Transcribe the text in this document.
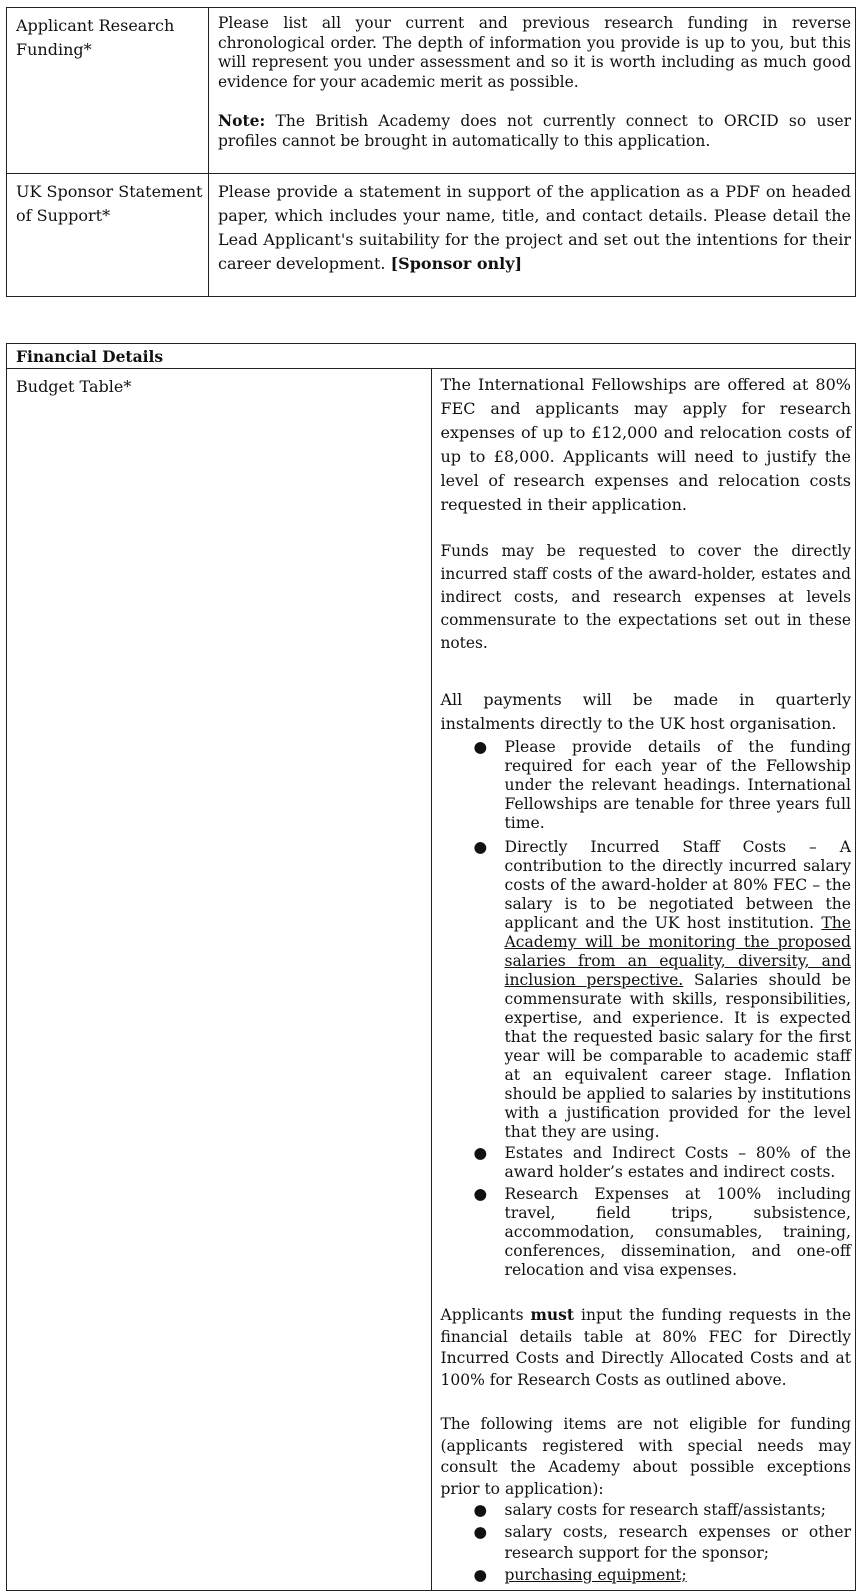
Applicant Research Funding*	Please list all your current and previous research funding in reverse chronological order. The depth of information you provide is up to you, but this will represent you under assessment and so it is worth including as much good evidence for your academic merit as possible.

Note: The British Academy does not currently connect to ORCID so user profiles cannot be brought in automatically to this application.

UK Sponsor Statement of Support*	Please provide a statement in support of the application as a PDF on headed paper, which includes your name, title, and contact details. Please detail the Lead Applicant's suitability for the project and set out the intentions for their career development. [Sponsor only]

Financial Details
Budget Table*	The International Fellowships are offered at 80% FEC and applicants may apply for research expenses of up to £12,000 and relocation costs of up to £8,000. Applicants will need to justify the level of research expenses and relocation costs requested in their application.

Funds may be requested to cover the directly incurred staff costs of the award-holder, estates and indirect costs, and research expenses at levels commensurate to the expectations set out in these notes.

All payments will be made in quarterly instalments directly to the UK host organisation.

● Please provide details of the funding required for each year of the Fellowship under the relevant headings. International Fellowships are tenable for three years full time.
● Directly Incurred Staff Costs – A contribution to the directly incurred salary costs of the award-holder at 80% FEC – the salary is to be negotiated between the applicant and the UK host institution. The Academy will be monitoring the proposed salaries from an equality, diversity, and inclusion perspective. Salaries should be commensurate with skills, responsibilities, expertise, and experience. It is expected that the requested basic salary for the first year will be comparable to academic staff at an equivalent career stage. Inflation should be applied to salaries by institutions with a justification provided for the level that they are using.
● Estates and Indirect Costs – 80% of the award holder’s estates and indirect costs.
● Research Expenses at 100% including travel, field trips, subsistence, accommodation, consumables, training, conferences, dissemination, and one-off relocation and visa expenses.

Applicants must input the funding requests in the financial details table at 80% FEC for Directly Incurred Costs and Directly Allocated Costs and at 100% for Research Costs as outlined above.

The following items are not eligible for funding (applicants registered with special needs may consult the Academy about possible exceptions prior to application):

● salary costs for research staff/assistants;
● salary costs, research expenses or other research support for the sponsor;
● purchasing equipment;
